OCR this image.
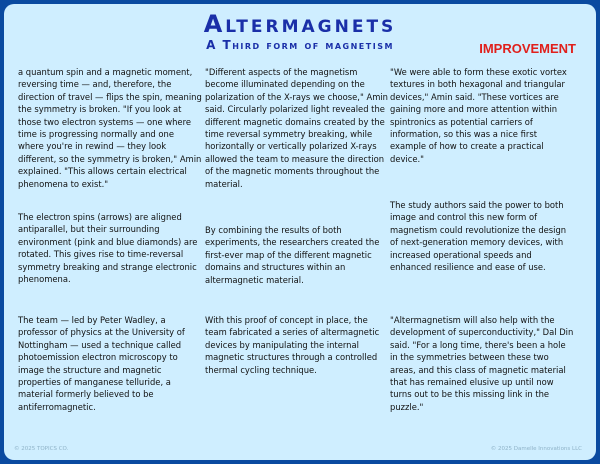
Altermagnets
A Third form of magnetism	IMPROVEMENT
a quantum spin and a magnetic moment, reversing time — and, therefore, the direction of travel — flips the spin, meaning the symmetry is broken. "If you look at those two electron systems — one where time is progressing normally and one where you're in rewind — they look different, so the symmetry is broken," Amin explained. "This allows certain electrical phenomena to exist."
The electron spins (arrows) are aligned antiparallel, but their surrounding environment (pink and blue diamonds) are rotated. This gives rise to time-reversal symmetry breaking and strange electronic phenomena.
The team — led by Peter Wadley, a professor of physics at the University of Nottingham — used a technique called photoemission electron microscopy to image the structure and magnetic properties of manganese telluride, a material formerly believed to be antiferromagnetic.
"Different aspects of the magnetism become illuminated depending on the polarization of the X-rays we choose," Amin said. Circularly polarized light revealed the different magnetic domains created by the time reversal symmetry breaking, while horizontally or vertically polarized X-rays allowed the team to measure the direction of the magnetic moments throughout the material.
By combining the results of both experiments, the researchers created the first-ever map of the different magnetic domains and structures within an altermagnetic material.
With this proof of concept in place, the team fabricated a series of altermagnetic devices by manipulating the internal magnetic structures through a controlled thermal cycling technique.
"We were able to form these exotic vortex textures in both hexagonal and triangular devices," Amin said. "These vortices are gaining more and more attention within spintronics as potential carriers of information, so this was a nice first example of how to create a practical device."
The study authors said the power to both image and control this new form of magnetism could revolutionize the design of next-generation memory devices, with increased operational speeds and enhanced resilience and ease of use.
"Altermagnetism will also help with the development of superconductivity," Dal Din said. "For a long time, there's been a hole in the symmetries between these two areas, and this class of magnetic material that has remained elusive up until now turns out to be this missing link in the puzzle."
© 2025 TOPICS CO.	© 2025 Damelle Innovations LLC
